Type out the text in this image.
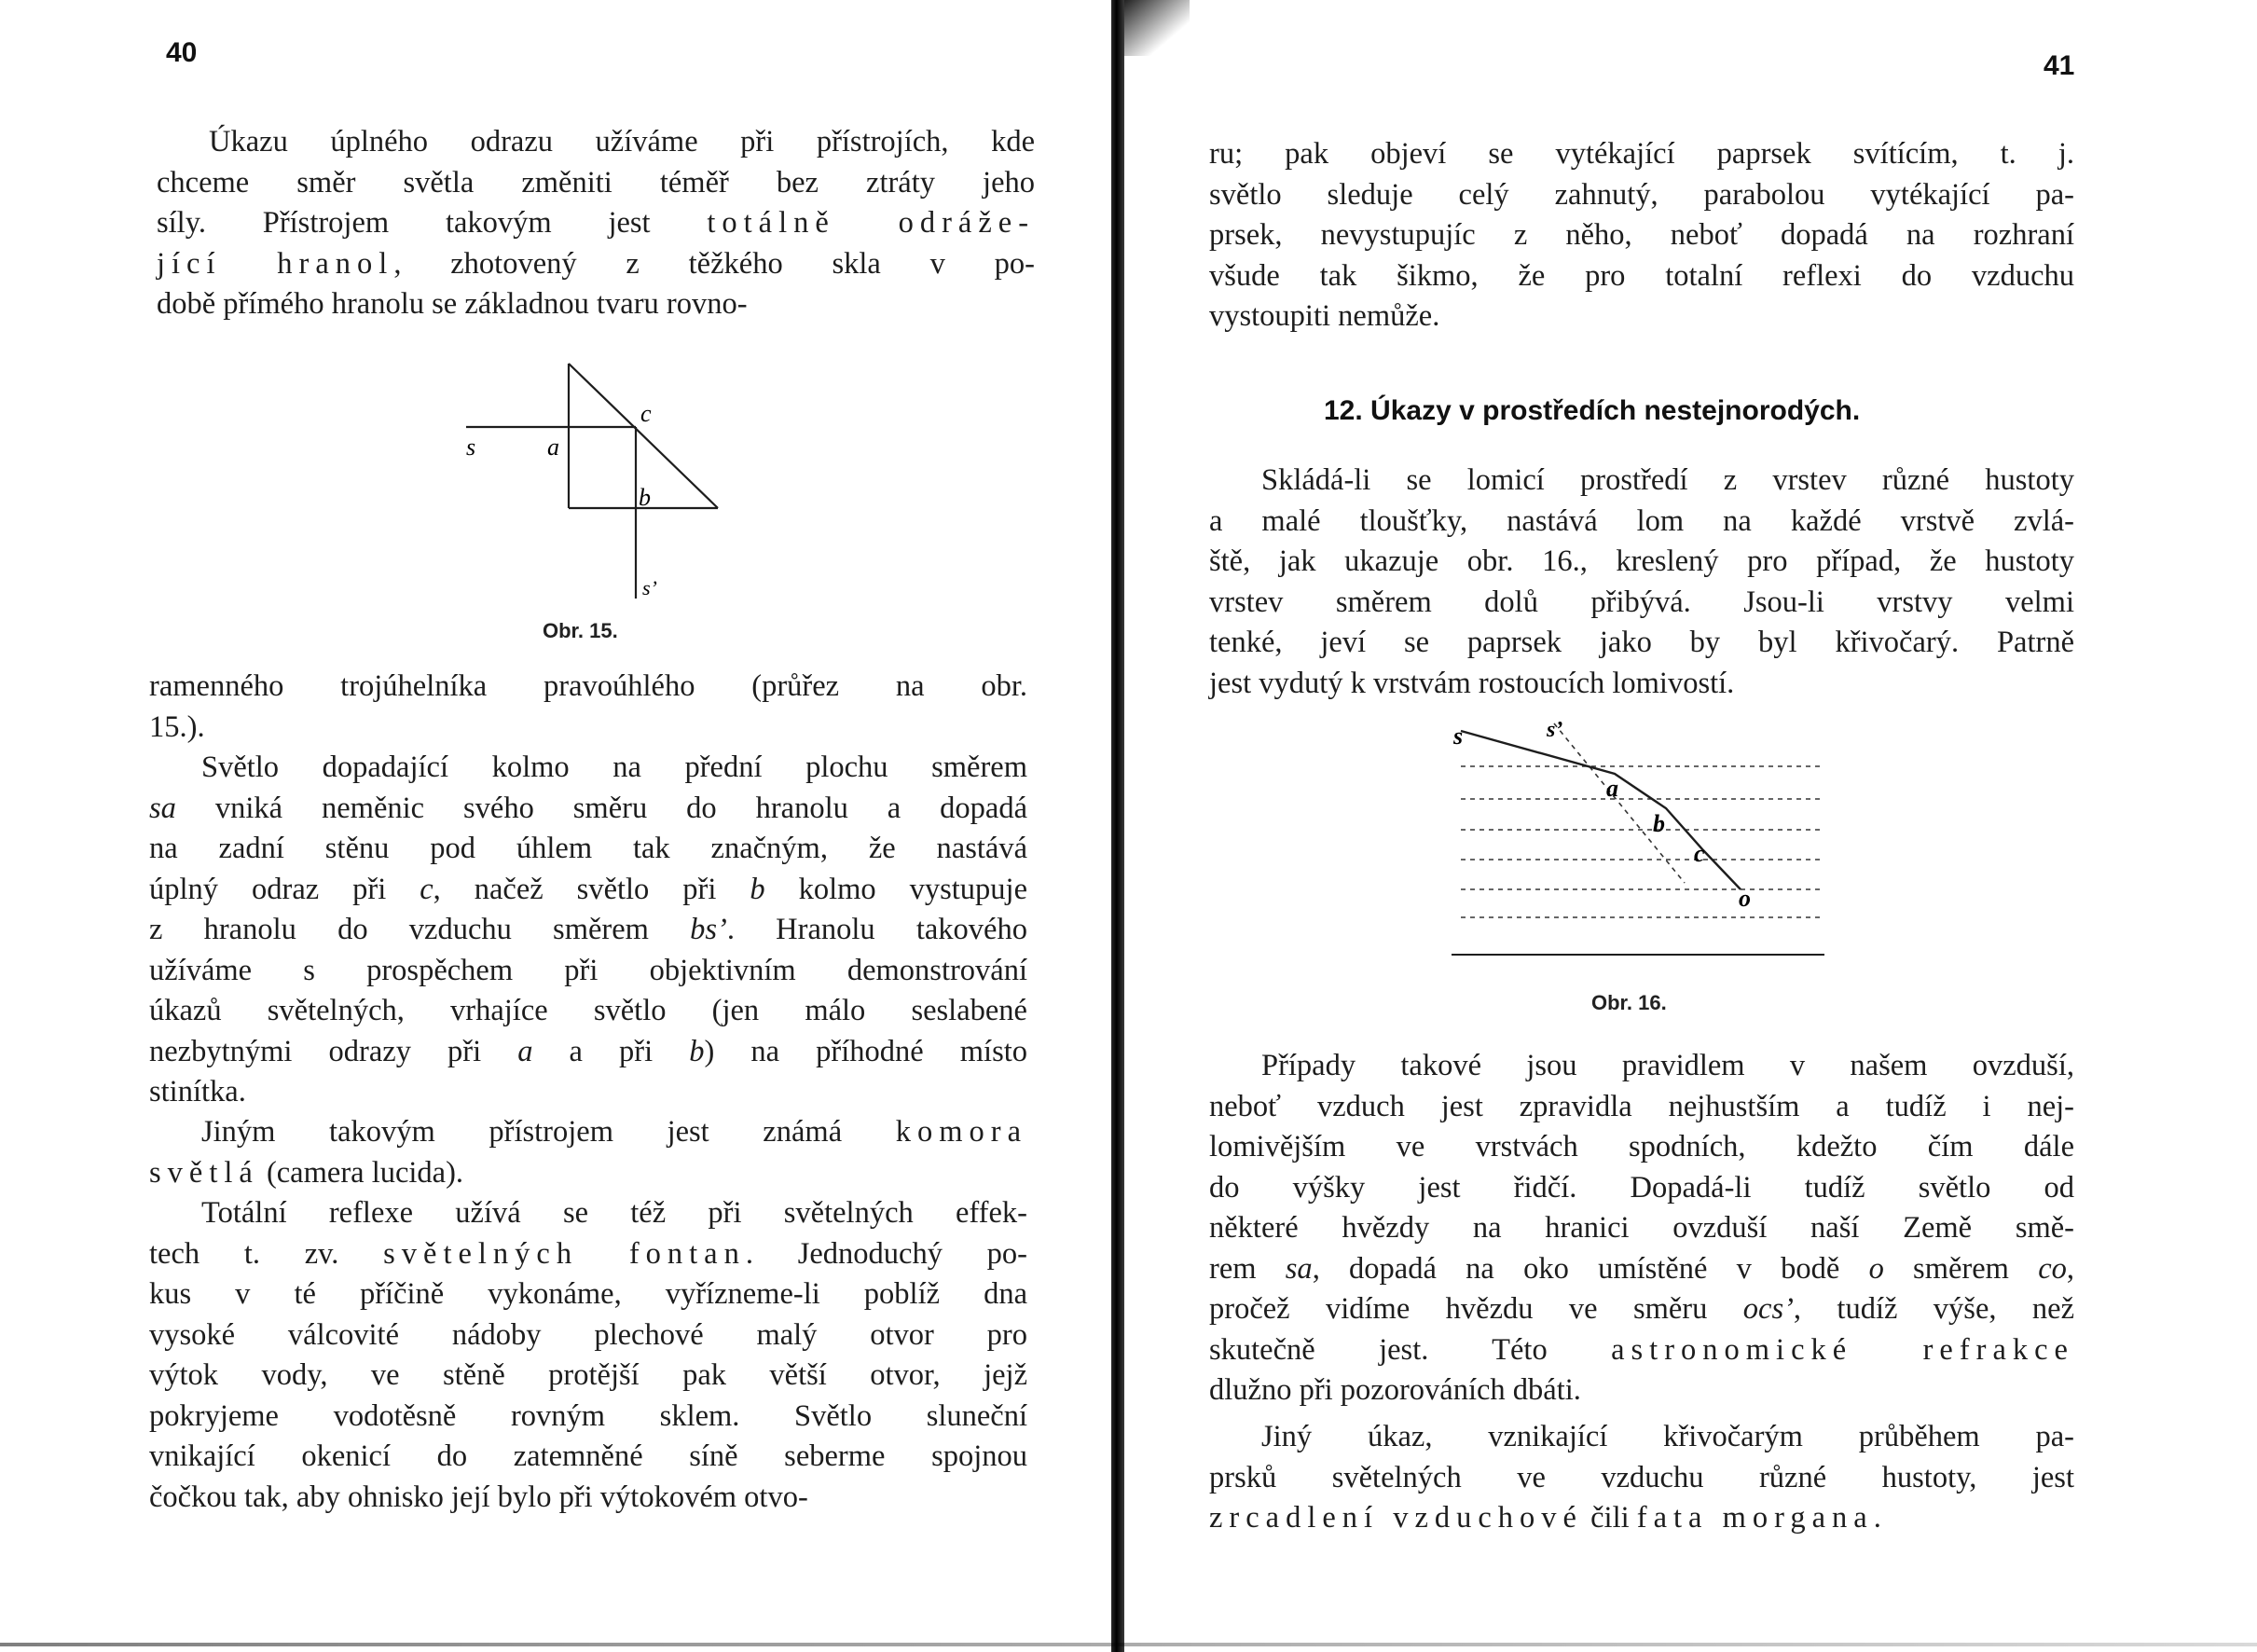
40
Úkazu úplného odrazu užíváme při přístrojích, kde
chceme směr světla změniti téměř bez ztráty jeho
síly. Přístrojem takovým jest totálně odráže-
jící hranol, zhotovený z těžkého skla v po-
době přímého hranolu se základnou tvaru rovno-
s	a
c
b
s’
Obr. 15.
ramenného trojúhelníka pravoúhlého (průřez na obr.
15.).
Světlo dopadající kolmo na přední plochu směrem
sa vniká neměnic svého směru do hranolu a dopadá
na zadní stěnu pod úhlem tak značným, že nastává
úplný odraz při c, načež světlo při b kolmo vystupuje
z hranolu do vzduchu směrem bs’. Hranolu takového
užíváme s prospěchem při objektivním demonstrování
úkazů světelných, vrhajíce světlo (jen málo seslabené
nezbytnými odrazy při a a při b) na příhodné místo
stinítka.
Jiným takovým přístrojem jest známá komora
světlá (camera lucida).
Totální reflexe užívá se též při světelných effek-
tech t. zv. světelných fontan. Jednoduchý po-
kus v té příčině vykonáme, vyřízneme-li poblíž dna
vysoké válcovité nádoby plechové malý otvor pro
výtok vody, ve stěně protější pak větší otvor, jejž
pokryjeme vodotěsně rovným sklem. Světlo sluneční
vnikající okenicí do zatemněné síně seberme spojnou
čočkou tak, aby ohnisko její bylo při výtokovém otvo-
41
ru; pak objeví se vytékající paprsek svítícím, t. j.
světlo sleduje celý zahnutý, parabolou vytékající pa-
prsek, nevystupujíc z něho, neboť dopadá na rozhraní
všude tak šikmo, že pro totalní reflexi do vzduchu
vystoupiti nemůže.
12. Úkazy v prostředích nestejnorodých.
Skládá-li se lomicí prostředí z vrstev různé hustoty
a malé tloušťky, nastává lom na každé vrstvě zvlá-
ště, jak ukazuje obr. 16., kreslený pro případ, že hustoty
vrstev směrem dolů přibývá. Jsou-li vrstvy velmi
tenké, jeví se paprsek jako by byl křivočarý. Patrně
jest vydutý k vrstvám rostoucích lomivostí.
s	s’
a
b
c
o
Obr. 16.
Případy takové jsou pravidlem v našem ovzduší,
neboť vzduch jest zpravidla nejhustším a tudíž i nej-
lomivějším ve vrstvách spodních, kdežto čím dále
do výšky jest řidčí. Dopadá-li tudíž světlo od
některé hvězdy na hranici ovzduší naší Země smě-
rem sa, dopadá na oko umístěné v bodě o směrem co,
pročež vidíme hvězdu ve směru ocs’, tudíž výše, než
skutečně jest. Této astronomické refrakce
dlužno při pozorováních dbáti.
Jiný úkaz, vznikající křivočarým průběhem pa-
prsků světelných ve vzduchu různé hustoty, jest
zrcadlení vzduchové čili fata morgana.
